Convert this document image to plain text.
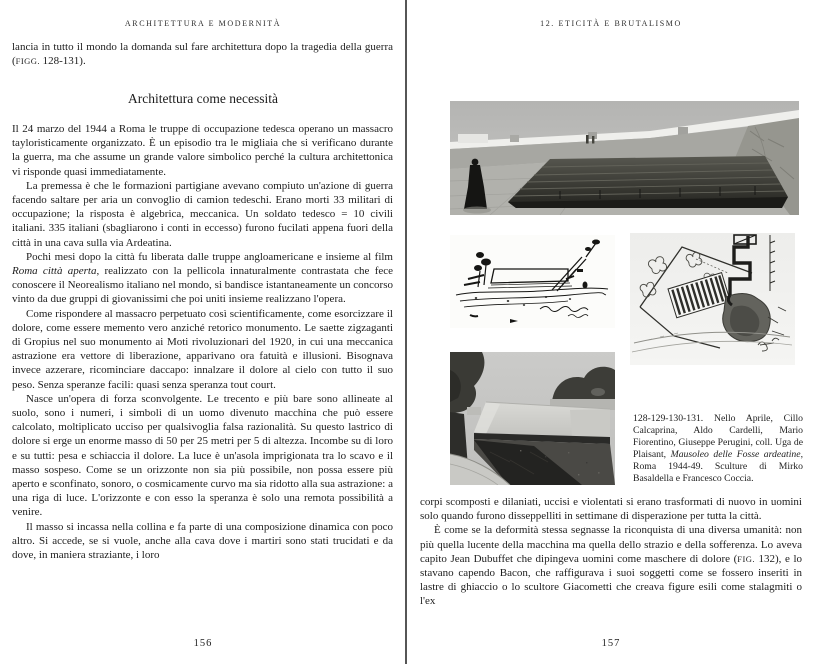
ARCHITETTURA E MODERNITÀ

lancia in tutto il mondo la domanda sul fare architettura dopo la tragedia della guerra (FIGG. 128-131).

Architettura come necessità

Il 24 marzo del 1944 a Roma le truppe di occupazione tedesca operano un massacro tayloristicamente organizzato. È un episodio tra le migliaia che si verificano durante la guerra, ma che assume un grande valore simbolico perché la cultura architettonica vi risponde quasi immediatamente.

La premessa è che le formazioni partigiane avevano compiuto un'azione di guerra facendo saltare per aria un convoglio di camion tedeschi. Erano morti 33 militari di occupazione; la risposta è algebrica, meccanica. Un soldato tedesco = 10 civili italiani. 335 italiani (sbagliarono i conti in eccesso) furono fucilati appena fuori della città in una cava sulla via Ardeatina.

Pochi mesi dopo la città fu liberata dalle truppe angloamericane e insieme al film Roma città aperta, realizzato con la pellicola innaturalmente contrastata che fece conoscere il Neorealismo italiano nel mondo, si bandisce istantaneamente un concorso vinto da due gruppi di giovanissimi che poi uniti insieme realizzano l'opera.

Come rispondere al massacro perpetuato così scientificamente, come esorcizzare il dolore, come essere memento vero anziché retorico monumento. Le saette zigzaganti di Gropius nel suo monumento ai Moti rivoluzionari del 1920, in cui una meccanica astrazione era vettore di liberazione, apparivano ora fatuità e illusioni. Bisognava invece azzerare, ricominciare daccapo: innalzare il dolore al cielo con tutto il suo peso. Senza speranze facili: quasi senza speranza tout court.

Nasce un'opera di forza sconvolgente. Le trecento e più bare sono allineate al suolo, sono i numeri, i simboli di un uomo divenuto macchina che può essere calcolato, moltiplicato ucciso per qualsivoglia falsa razionalità. Su questo lastrico di dolore si erge un enorme masso di 50 per 25 metri per 5 di altezza. Incombe su di loro e su tutti: pesa e schiaccia il dolore. La luce è un'asola imprigionata tra lo scavo e il masso sospeso. Come se un orizzonte non sia più possibile, non possa essere più aperto e sconfinato, sonoro, o cosmicamente curvo ma sia ridotto alla sua astrazione: a una riga di luce. L'orizzonte e con esso la speranza è solo una remota possibilità a venire.

Il masso si incassa nella collina e fa parte di una composizione dinamica con poco altro. Si accede, se si vuole, anche alla cava dove i martiri sono stati trucidati e da dove, in maniera straziante, i loro

156
12. ETICITÀ E BRUTALISMO
128-129-130-131. Nello Aprile, Cillo Calcaprina, Aldo Cardelli, Mario Fiorentino, Giuseppe Perugini, coll. Uga de Plaisant, Mausoleo delle Fosse ardeatine, Roma 1944-49. Sculture di Mirko Basaldella e Francesco Coccia.

corpi scomposti e dilaniati, uccisi e violentati si erano trasformati di nuovo in uomini solo quando furono disseppelliti in settimane di disperazione per tutta la città.

È come se la deformità stessa segnasse la riconquista di una diversa umanità: non più quella lucente della macchina ma quella dello strazio e della sofferenza. Lo aveva capito Jean Dubuffet che dipingeva uomini come maschere di dolore (FIG. 132), e lo stavano capendo Bacon, che raffigurava i suoi soggetti come se fossero inseriti in lastre di ghiaccio o lo scultore Giacometti che creava figure esili come stalagmiti o l'ex

157
